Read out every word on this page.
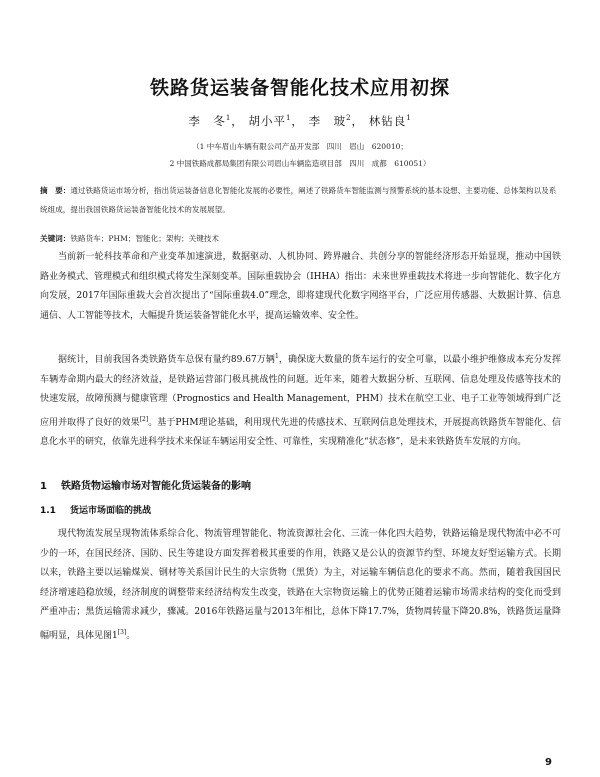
铁路货运装备智能化技术应用初探
李　冬$^1$， 胡小平$^1$， 李　玻$^2$， 林钻良$^1$
（1 中车眉山车辆有限公司产品开发部　四川　眉山　620010；
2 中国铁路成都局集团有限公司眉山车辆监造项目部　四川　成都　610051）
摘　要：通过铁路货运市场分析，指出货运装备信息化智能化发展的必要性，阐述了铁路货车智能监测与预警系统的基本设想、主要功能、总体架构以及系统组成，提出我国铁路货运装备智能化技术的发展展望。
关键词：铁路货车；PHM；智能化；架构；关键技术

当前新一轮科技革命和产业变革加速演进，数据驱动、人机协同、跨界融合、共创分享的智能经济形态开始显现，推动中国铁路业务模式、管理模式和组织模式将发生深刻变革。国际重载协会（IHHA）指出：未来世界重载技术将进一步向智能化、数字化方向发展，2017年国际重载大会首次提出了“国际重载4.0”理念，即将建现代化数字网络平台，广泛应用传感器、大数据计算、信息通信、人工智能等技术，大幅提升货运装备智能化水平，提高运输效率、安全性。

据统计，目前我国各类铁路货车总保有量约89.67万辆$^1$，确保庞大数量的货车运行的安全可靠，以最小维护维修成本充分发挥车辆寿命期内最大的经济效益，是铁路运营部门极具挑战性的问题。近年来，随着大数据分析、互联网、信息处理及传感等技术的快速发展，故障预测与健康管理（Prognostics and Health Management，PHM）技术在航空工业、电子工业等领域得到广泛应用并取得了良好的效果[2]。基于PHM理论基础，利用现代先进的传感技术、互联网信息处理技术，开展提高铁路货车智能化、信息化水平的研究，依靠先进科学技术来保证车辆运用安全性、可靠性，实现精准化“状态修”，是未来铁路货车发展的方向。

1 铁路货物运输市场对智能化货运装备的影响
1.1 货运市场面临的挑战

现代物流发展呈现物流体系综合化、物流管理智能化、物流资源社会化、三流一体化四大趋势，铁路运输是现代物流中必不可少的一环，在国民经济、国防、民生等建设方面发挥着极其重要的作用，铁路又是公认的资源节约型、环境友好型运输方式。长期以来，铁路主要以运输煤炭、钢材等关系国计民生的大宗货物（黑货）为主，对运输车辆信息化的要求不高。然而，随着我国国民经济增速趋稳放缓，经济制度的调整带来经济结构发生改变，铁路在大宗物资运输上的优势正随着运输市场需求结构的变化而受到严重冲击；黑货运输需求减少，骤减。2016年铁路运量与2013年相比，总体下降17.7%，货物周转量下降20.8%，铁路货运量降幅明显，具体见图1[3]。

9
